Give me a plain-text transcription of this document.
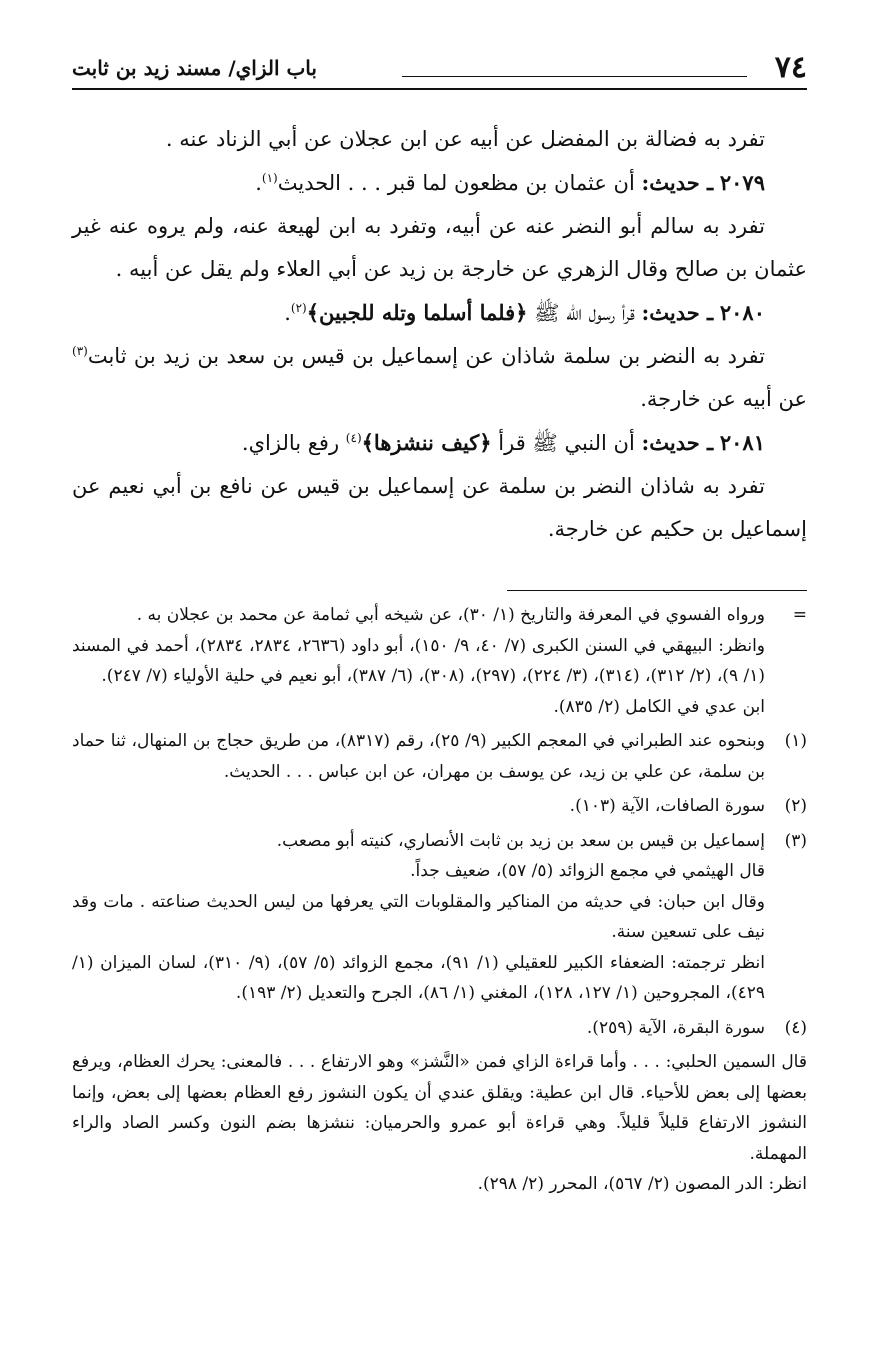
٧٤
باب الزاي/ مسند زيد بن ثابت

تفرد به فضالة بن المفضل عن أبيه عن ابن عجلان عن أبي الزناد عنه .

٢٠٧٩ ـ حديث: أن عثمان بن مظعون لما قبر . . . الحديث$^{(١)}$.

تفرد به سالم أبو النضر عنه عن أبيه، وتفرد به ابن لهيعة عنه، ولم يروه عنه غير عثمان بن صالح وقال الزهري عن خارجة بن زيد عن أبي العلاء ولم يقل عن أبيه .

٢٠٨٠ ـ حديث: قرأ رسول الله ﷺ ﴿فلما أسلما وتله للجبين﴾$^{(٢)}$.

تفرد به النضر بن سلمة شاذان عن إسماعيل بن قيس بن سعد بن زيد بن ثابت$^{(٣)}$ عن أبيه عن خارجة.

٢٠٨١ ـ حديث: أن النبي ﷺ قرأ ﴿كيف ننشزها﴾$^{(٤)}$ رفع بالزاي.

تفرد به شاذان النضر بن سلمة عن إسماعيل بن قيس عن نافع بن أبي نعيم عن إسماعيل بن حكيم عن خارجة.

=

ورواه الفسوي في المعرفة والتاريخ (١/ ٣٠)، عن شيخه أبي ثمامة عن محمد بن عجلان به .

وانظر: البيهقي في السنن الكبرى (٧/ ٤٠، ٩/ ١٥٠)، أبو داود (٢٦٣٦، ٢٨٣٤، ٢٨٣٤)، أحمد في المسند (١/ ٩)، (٢/ ٣١٢)، (٣١٤)، (٣/ ٢٢٤)، (٢٩٧)، (٣٠٨)، (٦/ ٣٨٧)، أبو نعيم في حلية الأولياء (٧/ ٢٤٧).

ابن عدي في الكامل (٢/ ٨٣٥).

(١)

وبنحوه عند الطبراني في المعجم الكبير (٩/ ٢٥)، رقم (٨٣١٧)، من طريق حجاج بن المنهال، ثنا حماد بن سلمة، عن علي بن زيد، عن يوسف بن مهران، عن ابن عباس . . . الحديث.

(٢)

سورة الصافات، الآية (١٠٣).

(٣)

إسماعيل بن قيس بن سعد بن زيد بن ثابت الأنصاري، كنيته أبو مصعب.

قال الهيثمي في مجمع الزوائد (٥/ ٥٧)، ضعيف جداً.

وقال ابن حبان: في حديثه من المناكير والمقلوبات التي يعرفها من ليس الحديث صناعته . مات وقد نيف على تسعين سنة.

انظر ترجمته: الضعفاء الكبير للعقيلي (١/ ٩١)، مجمع الزوائد (٥/ ٥٧)، (٩/ ٣١٠)، لسان الميزان (١/ ٤٢٩)، المجروحين (١/ ١٢٧، ١٢٨)، المغني (١/ ٨٦)، الجرح والتعديل (٢/ ١٩٣).

(٤)

سورة البقرة، الآية (٢٥٩).

قال السمين الحلبي: . . . وأما قراءة الزاي فمن «النَّشز» وهو الارتفاع . . . فالمعنى: يحرك العظام، ويرفع بعضها إلى بعض للأحياء. قال ابن عطية: ويقلق عندي أن يكون النشوز رفع العظام بعضها إلى بعض، وإنما النشوز الارتفاع قليلاً قليلاً. وهي قراءة أبو عمرو والحرميان: ننشزها بضم النون وكسر الصاد والراء المهملة.

انظر: الدر المصون (٢/ ٥٦٧)، المحرر (٢/ ٢٩٨).
